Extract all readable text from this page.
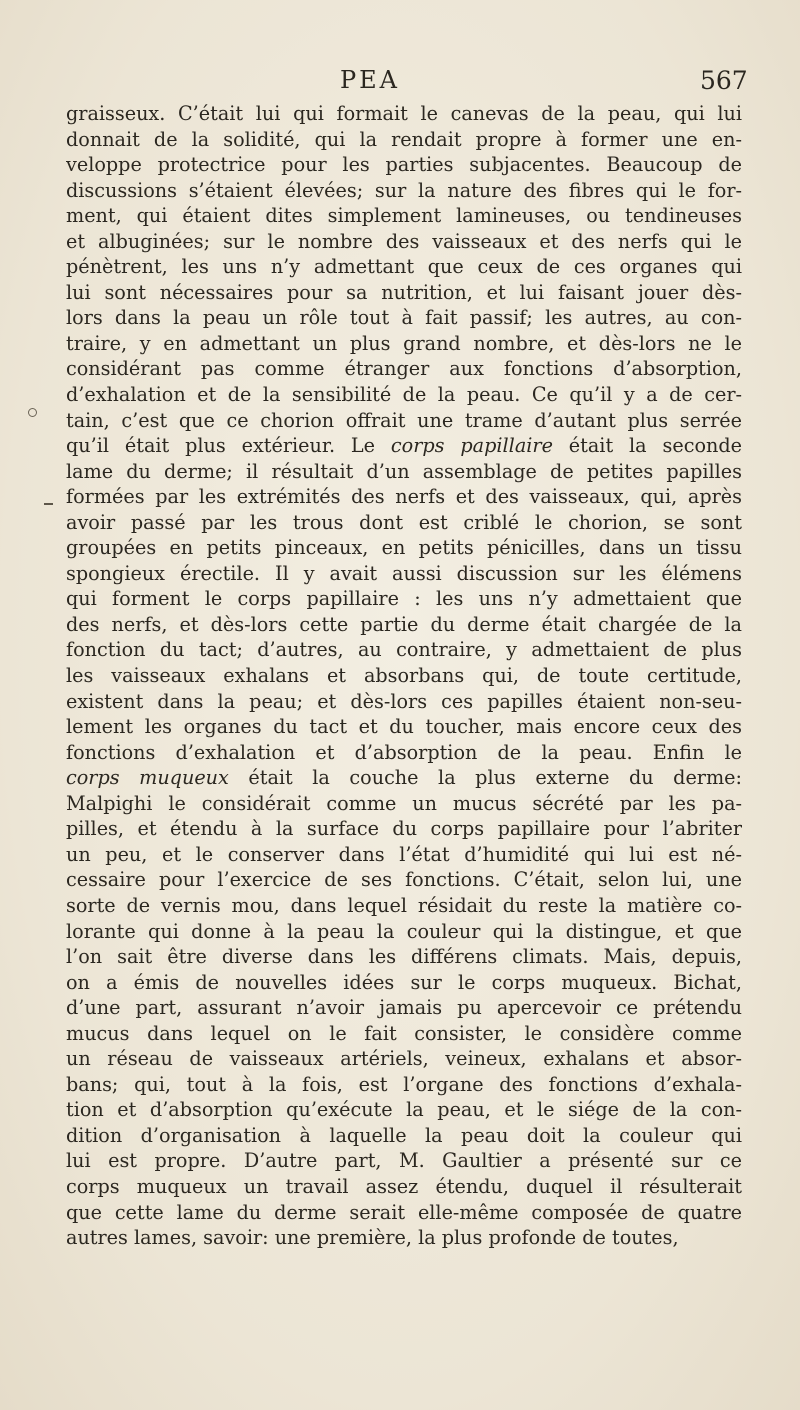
PEA	567
graisseux. C’était lui qui formait le canevas de la peau, qui lui
donnait de la solidité, qui la rendait propre à former une en-
veloppe protectrice pour les parties subjacentes. Beaucoup de
discussions s’étaient élevées; sur la nature des fibres qui le for-
ment, qui étaient dites simplement lamineuses, ou tendineuses
et albuginées; sur le nombre des vaisseaux et des nerfs qui le
pénètrent, les uns n’y admettant que ceux de ces organes qui
lui sont nécessaires pour sa nutrition, et lui faisant jouer dès-
lors dans la peau un rôle tout à fait passif; les autres, au con-
traire, y en admettant un plus grand nombre, et dès-lors ne le
considérant pas comme étranger aux fonctions d’absorption,
d’exhalation et de la sensibilité de la peau. Ce qu’il y a de cer-
tain, c’est que ce chorion offrait une trame d’autant plus serrée
qu’il était plus extérieur. Le corps papillaire était la seconde
lame du derme; il résultait d’un assemblage de petites papilles
formées par les extrémités des nerfs et des vaisseaux, qui, après
avoir passé par les trous dont est criblé le chorion, se sont
groupées en petits pinceaux, en petits pénicilles, dans un tissu
spongieux érectile. Il y avait aussi discussion sur les élémens
qui forment le corps papillaire : les uns n’y admettaient que
des nerfs, et dès-lors cette partie du derme était chargée de la
fonction du tact; d’autres, au contraire, y admettaient de plus
les vaisseaux exhalans et absorbans qui, de toute certitude,
existent dans la peau; et dès-lors ces papilles étaient non-seu-
lement les organes du tact et du toucher, mais encore ceux des
fonctions d’exhalation et d’absorption de la peau. Enfin le
corps muqueux était la couche la plus externe du derme:
Malpighi le considérait comme un mucus sécrété par les pa-
pilles, et étendu à la surface du corps papillaire pour l’abriter
un peu, et le conserver dans l’état d’humidité qui lui est né-
cessaire pour l’exercice de ses fonctions. C’était, selon lui, une
sorte de vernis mou, dans lequel résidait du reste la matière co-
lorante qui donne à la peau la couleur qui la distingue, et que
l’on sait être diverse dans les différens climats. Mais, depuis,
on a émis de nouvelles idées sur le corps muqueux. Bichat,
d’une part, assurant n’avoir jamais pu apercevoir ce prétendu
mucus dans lequel on le fait consister, le considère comme
un réseau de vaisseaux artériels, veineux, exhalans et absor-
bans; qui, tout à la fois, est l’organe des fonctions d’exhala-
tion et d’absorption qu’exécute la peau, et le siége de la con-
dition d’organisation à laquelle la peau doit la couleur qui
lui est propre. D’autre part, M. Gaultier a présenté sur ce
corps muqueux un travail assez étendu, duquel il résulterait
que cette lame du derme serait elle-même composée de quatre
autres lames, savoir: une première, la plus profonde de toutes,
